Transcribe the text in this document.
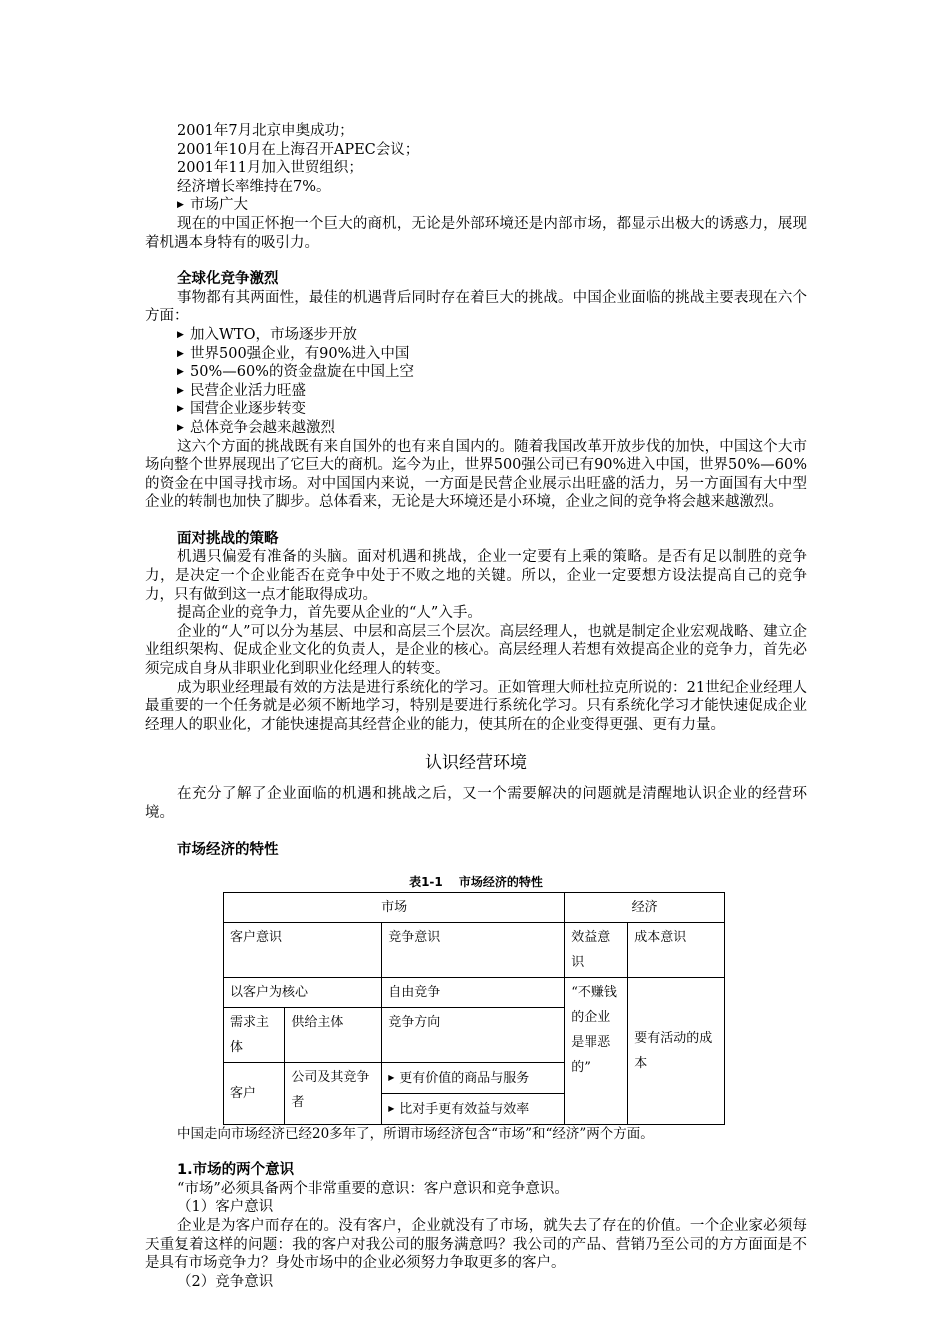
2001年7月北京申奥成功；

2001年10月在上海召开APEC会议；

2001年11月加入世贸组织；

经济增长率维持在7%。

▶ 市场广大

现在的中国正怀抱一个巨大的商机，无论是外部环境还是内部市场，都显示出极大的诱惑力，展现着机遇本身特有的吸引力。

全球化竞争激烈

事物都有其两面性，最佳的机遇背后同时存在着巨大的挑战。中国企业面临的挑战主要表现在六个方面：

▶ 加入WTO，市场逐步开放

▶ 世界500强企业，有90%进入中国

▶ 50%—60%的资金盘旋在中国上空

▶ 民营企业活力旺盛

▶ 国营企业逐步转变

▶ 总体竞争会越来越激烈

这六个方面的挑战既有来自国外的也有来自国内的。随着我国改革开放步伐的加快，中国这个大市场向整个世界展现出了它巨大的商机。迄今为止，世界500强公司已有90%进入中国，世界50%—60%的资金在中国寻找市场。对中国国内来说，一方面是民营企业展示出旺盛的活力，另一方面国有大中型企业的转制也加快了脚步。总体看来，无论是大环境还是小环境，企业之间的竞争将会越来越激烈。

面对挑战的策略

机遇只偏爱有准备的头脑。面对机遇和挑战，企业一定要有上乘的策略。是否有足以制胜的竞争力，是决定一个企业能否在竞争中处于不败之地的关键。所以，企业一定要想方设法提高自己的竞争力，只有做到这一点才能取得成功。

提高企业的竞争力，首先要从企业的“人”入手。

企业的“人”可以分为基层、中层和高层三个层次。高层经理人，也就是制定企业宏观战略、建立企业组织架构、促成企业文化的负责人，是企业的核心。高层经理人若想有效提高企业的竞争力，首先必须完成自身从非职业化到职业化经理人的转变。

成为职业经理最有效的方法是进行系统化的学习。正如管理大师杜拉克所说的：21世纪企业经理人最重要的一个任务就是必须不断地学习，特别是要进行系统化学习。只有系统化学习才能快速促成企业经理人的职业化，才能快速提高其经营企业的能力，使其所在的企业变得更强、更有力量。

认识经营环境

在充分了解了企业面临的机遇和挑战之后，又一个需要解决的问题就是清醒地认识企业的经营环境。

市场经济的特性

表1-1　 市场经济的特性

市场			经济	
客户意识		竞争意识	效益意识	成本意识
以客户为核心		自由竞争	“不赚钱的企业是罪恶的”	要有活动的成本
需求主体	供给主体	竞争方向		
客户	公司及其竞争者	▶ 更有价值的商品与服务
		▶ 比对手更有效益与效率

中国走向市场经济已经20多年了，所谓市场经济包含“市场”和“经济”两个方面。

1.市场的两个意识

“市场”必须具备两个非常重要的意识：客户意识和竞争意识。

（1）客户意识

企业是为客户而存在的。没有客户，企业就没有了市场，就失去了存在的价值。一个企业家必须每天重复着这样的问题：我的客户对我公司的服务满意吗？我公司的产品、营销乃至公司的方方面面是不是具有市场竞争力？身处市场中的企业必须努力争取更多的客户。

（2）竞争意识
